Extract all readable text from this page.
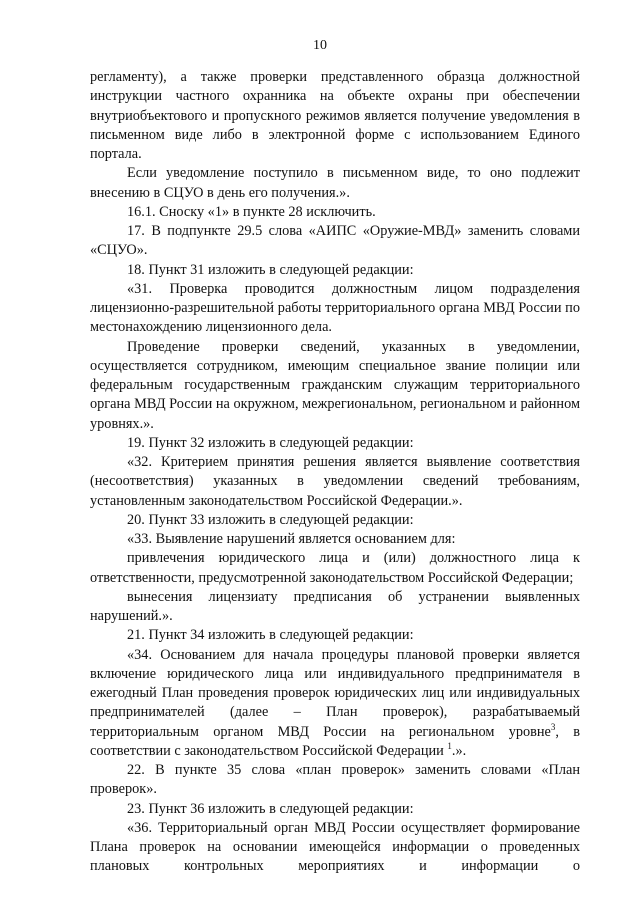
10

регламенту), а также проверки представленного образца должностной инструкции частного охранника на объекте охраны при обеспечении внутриобъектового и пропускного режимов является получение уведомления в письменном виде либо в электронной форме с использованием Единого портала.

Если уведомление поступило в письменном виде, то оно подлежит внесению в СЦУО в день его получения.».

16.1. Сноску «1» в пункте 28 исключить.

17. В подпункте 29.5 слова «АИПС «Оружие-МВД» заменить словами «СЦУО».

18. Пункт 31 изложить в следующей редакции:

«31. Проверка проводится должностным лицом подразделения лицензионно-разрешительной работы территориального органа МВД России по местонахождению лицензионного дела.

Проведение проверки сведений, указанных в уведомлении, осуществляется сотрудником, имеющим специальное звание полиции или федеральным государственным гражданским служащим территориального органа МВД России на окружном, межрегиональном, региональном и районном уровнях.».

19. Пункт 32 изложить в следующей редакции:

«32. Критерием принятия решения является выявление соответствия (несоответствия) указанных в уведомлении сведений требованиям, установленным законодательством Российской Федерации.».

20. Пункт 33 изложить в следующей редакции:

«33. Выявление нарушений является основанием для:

привлечения юридического лица и (или) должностного лица к ответственности, предусмотренной законодательством Российской Федерации;

вынесения лицензиату предписания об устранении выявленных нарушений.».

21. Пункт 34 изложить в следующей редакции:

«34. Основанием для начала процедуры плановой проверки является включение юридического лица или индивидуального предпринимателя в ежегодный План проведения проверок юридических лиц или индивидуальных предпринимателей (далее – План проверок), разрабатываемый территориальным органом МВД России на региональном уровне$^3$, в соответствии с законодательством Российской Федерации $^1$.».

22. В пункте 35 слова «план проверок» заменить словами «План проверок».

23. Пункт 36 изложить в следующей редакции:

«36. Территориальный орган МВД России осуществляет формирование Плана проверок на основании имеющейся информации о проведенных плановых контрольных мероприятиях и информации о
